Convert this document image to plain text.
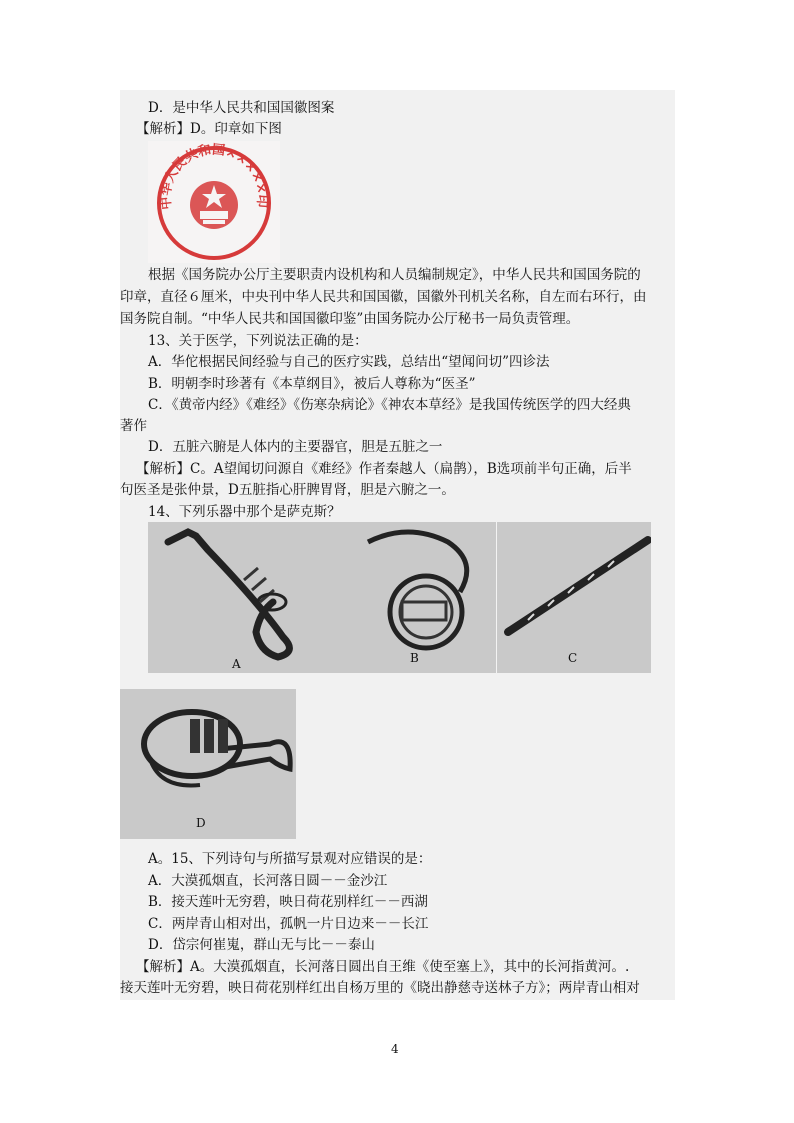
D．是中华人民共和国国徽图案
【解析】D。印章如下图
中华人民共和国×××××印
根据《国务院办公厅主要职责内设机构和人员编制规定》，中华人民共和国国务院的
印章，直径６厘米，中央刊中华人民共和国国徽，国徽外刊机关名称，自左而右环行，由
国务院自制。“中华人民共和国国徽印鉴”由国务院办公厅秘书一局负责管理。
13、关于医学，下列说法正确的是：
A．华佗根据民间经验与自己的医疗实践，总结出“望闻问切”四诊法
B．明朝李时珍著有《本草纲目》，被后人尊称为“医圣”
C．《黄帝内经》《难经》《伤寒杂病论》《神农本草经》是我国传统医学的四大经典
著作
D．五脏六腑是人体内的主要器官，胆是五脏之一
【解析】C。A望闻切问源自《难经》作者秦越人（扁鹊），B选项前半句正确，后半
句医圣是张仲景，D五脏指心肝脾胃肾，胆是六腑之一。
14、下列乐器中那个是萨克斯？
A	B	C
D
A。15、下列诗句与所描写景观对应错误的是：
A．大漠孤烟直，长河落日圆－－金沙江
B．接天莲叶无穷碧，映日荷花别样红－－西湖
C．两岸青山相对出，孤帆一片日边来－－长江
D．岱宗何崔嵬，群山无与比－－泰山
【解析】A。大漠孤烟直，长河落日圆出自王维《使至塞上》，其中的长河指黄河。.
接天莲叶无穷碧，映日荷花别样红出自杨万里的《晓出静慈寺送林子方》；两岸青山相对
4
